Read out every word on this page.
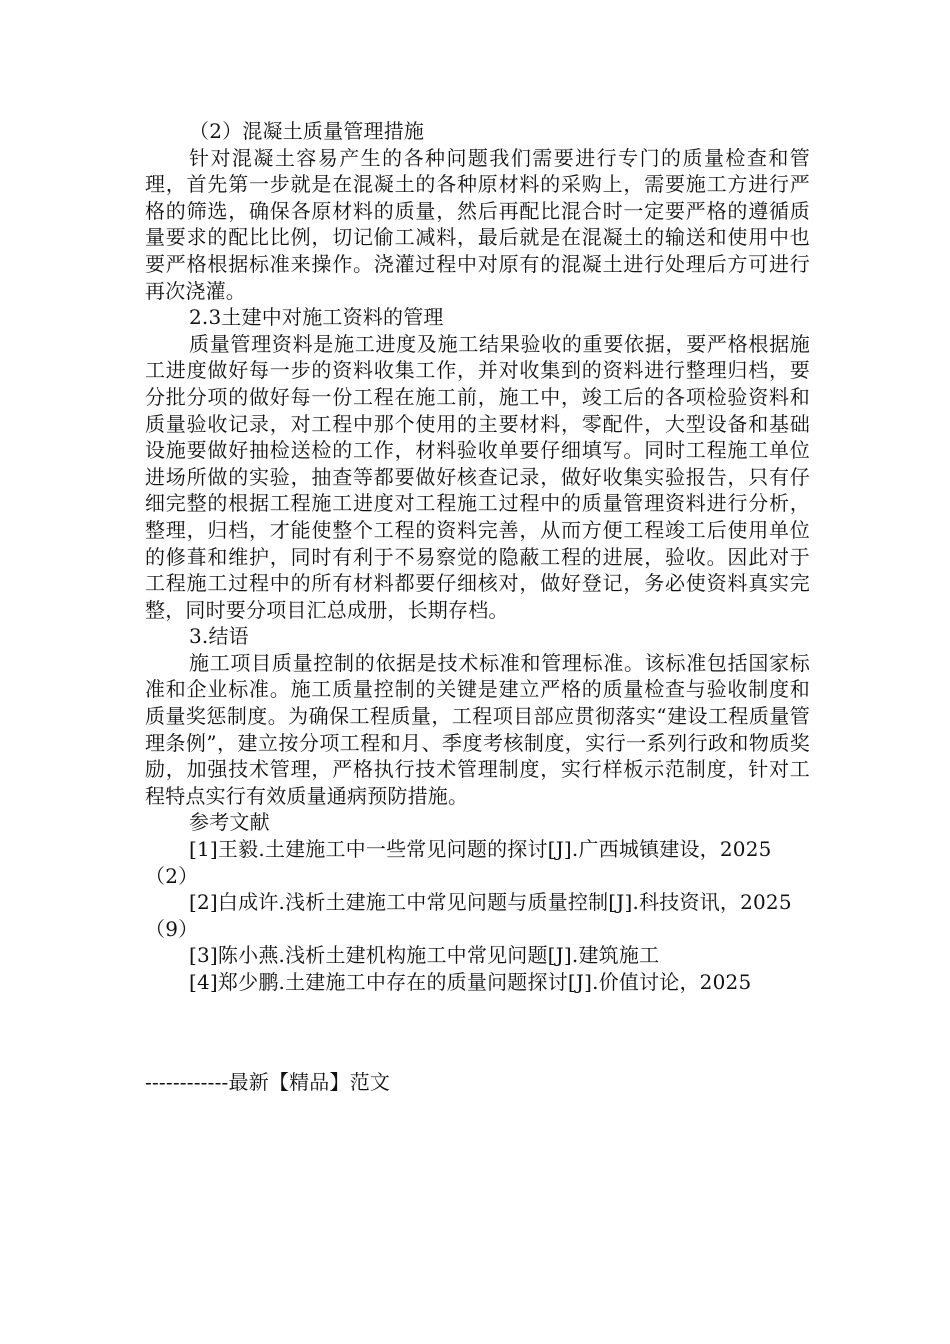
（2）混凝土质量管理措施

针对混凝土容易产生的各种问题我们需要进行专门的质量检查和管理，首先第一步就是在混凝土的各种原材料的采购上，需要施工方进行严格的筛选，确保各原材料的质量，然后再配比混合时一定要严格的遵循质量要求的配比比例，切记偷工减料，最后就是在混凝土的输送和使用中也要严格根据标准来操作。浇灌过程中对原有的混凝土进行处理后方可进行再次浇灌。

2.3土建中对施工资料的管理

质量管理资料是施工进度及施工结果验收的重要依据，要严格根据施工进度做好每一步的资料收集工作，并对收集到的资料进行整理归档，要分批分项的做好每一份工程在施工前，施工中，竣工后的各项检验资料和质量验收记录，对工程中那个使用的主要材料，零配件，大型设备和基础设施要做好抽检送检的工作，材料验收单要仔细填写。同时工程施工单位进场所做的实验，抽查等都要做好核查记录，做好收集实验报告，只有仔细完整的根据工程施工进度对工程施工过程中的质量管理资料进行分析，整理，归档，才能使整个工程的资料完善，从而方便工程竣工后使用单位的修葺和维护，同时有利于不易察觉的隐蔽工程的进展，验收。因此对于工程施工过程中的所有材料都要仔细核对，做好登记，务必使资料真实完整，同时要分项目汇总成册，长期存档。

3.结语

施工项目质量控制的依据是技术标准和管理标准。该标准包括国家标准和企业标准。施工质量控制的关键是建立严格的质量检查与验收制度和质量奖惩制度。为确保工程质量，工程项目部应贯彻落实“建设工程质量管理条例”，建立按分项工程和月、季度考核制度，实行一系列行政和物质奖励，加强技术管理，严格执行技术管理制度，实行样板示范制度，针对工程特点实行有效质量通病预防措施。

参考文献

[1]王毅.土建施工中一些常见问题的探讨[J].广西城镇建设，2025（2）

[2]白成许.浅析土建施工中常见问题与质量控制[J].科技资讯，2025（9）

[3]陈小燕.浅析土建机构施工中常见问题[J].建筑施工

[4]郑少鹏.土建施工中存在的质量问题探讨[J].价值讨论，2025

------------最新【精品】范文
